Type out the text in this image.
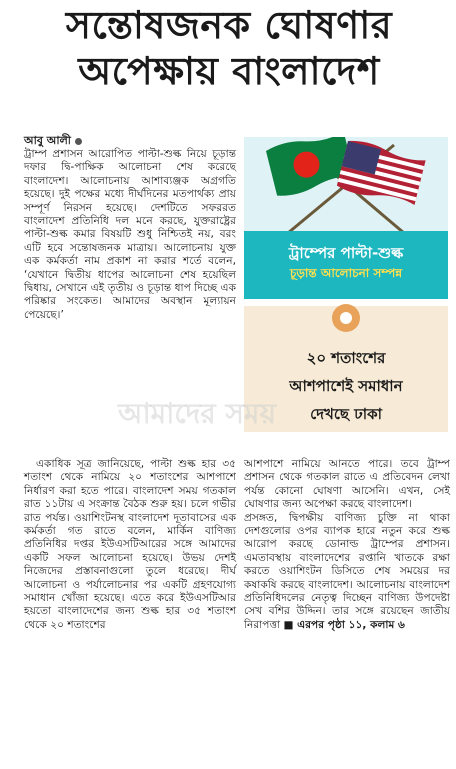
সন্তোষজনক ঘোষণার
অপেক্ষায় বাংলাদেশ
আবু আলী

ট্রাম্প প্রশাসন আরোপিত পাল্টা-শুল্ক নিয়ে চূড়ান্ত দফার দ্বি-পাক্ষিক আলোচনা শেষ করেছে বাংলাদেশ। আলোচনায় আশাব্যঞ্জক অগ্রগতি হয়েছে। দুই পক্ষের মধ্যে দীর্ঘদিনের মতপার্থক্য প্রায় সম্পূর্ণ নিরসন হয়েছে। দেশটিতে সফররত বাংলাদেশ প্রতিনিধি দল মনে করছে, যুক্তরাষ্ট্রের পাল্টা-শুল্ক কমার বিষয়টি শুধু নিশ্চিতই নয়, বরং এটি হবে সন্তোষজনক মাত্রায়। আলোচনায় যুক্ত এক কর্মকর্তা নাম প্রকাশ না করার শর্তে বলেন, ‘যেখানে দ্বিতীয় ধাপের আলোচনা শেষ হয়েছিল দ্বিধায়, সেখানে এই তৃতীয় ও চূড়ান্ত ধাপ দিচ্ছে এক পরিষ্কার সংকেত। আমাদের অবস্থান মূল্যায়ন পেয়েছে।’

ট্রাম্পের পাল্টা-শুল্ক
চূড়ান্ত আলোচনা সম্পন্ন
২০ শতাংশের
আশপাশেই সমাধান
দেখছে ঢাকা
আমাদের সময়

একাধিক সূত্র জানিয়েছে, পাল্টা শুল্ক হার ৩৫ শতাংশ থেকে নামিয়ে ২০ শতাংশের আশপাশে নির্ধারণ করা হতে পারে। বাংলাদেশ সময় গতকাল রাত ১১টায় এ সংক্রান্ত বৈঠক শুরু হয়। চলে গভীর রাত পর্যন্ত। ওয়াশিংটনস্থ বাংলাদেশ দূতাবাসের এক কর্মকর্তা গত রাতে বলেন, মার্কিন বাণিজ্য প্রতিনিধির দপ্তর ইউএসটিআরের সঙ্গে আমাদের একটি সফল আলোচনা হয়েছে। উভয় দেশই নিজেদের প্রস্তাবনাগুলো তুলে ধরেছে। দীর্ঘ আলোচনা ও পর্যালোচনার পর একটি গ্রহণযোগ্য সমাধান খোঁজা হয়েছে। এতে করে ইউএসটিআর হয়তো বাংলাদেশের জন্য শুল্ক হার ৩৫ শতাংশ থেকে ২০ শতাংশের

আশপাশে নামিয়ে আনতে পারে। তবে ট্রাম্প প্রশাসন থেকে গতকাল রাতে এ প্রতিবেদন লেখা পর্যন্ত কোনো ঘোষণা আসেনি। এখন, সেই ঘোষণার জন্য অপেক্ষা করছে বাংলাদেশ।

প্রসঙ্গত, দ্বিপক্ষীয় বাণিজ্য চুক্তি না থাকা দেশগুলোর ওপর ব্যাপক হারে নতুন করে শুল্ক আরোপ করছে ডোনাল্ড ট্রাম্পের প্রশাসন। এমতাবস্থায় বাংলাদেশের রপ্তানি খাতকে রক্ষা করতে ওয়াশিংটন ডিসিতে শেষ সময়ের দর কষাকষি করছে বাংলাদেশ। আলোচনায় বাংলাদেশ প্রতিনিধিদলের নেতৃত্ব দিচ্ছেন বাণিজ্য উপদেষ্টা সেখ বশির উদ্দিন। তার সঙ্গে রয়েছেন জাতীয় নিরাপত্তা ■ এরপর পৃষ্ঠা ১১, কলাম ৬
